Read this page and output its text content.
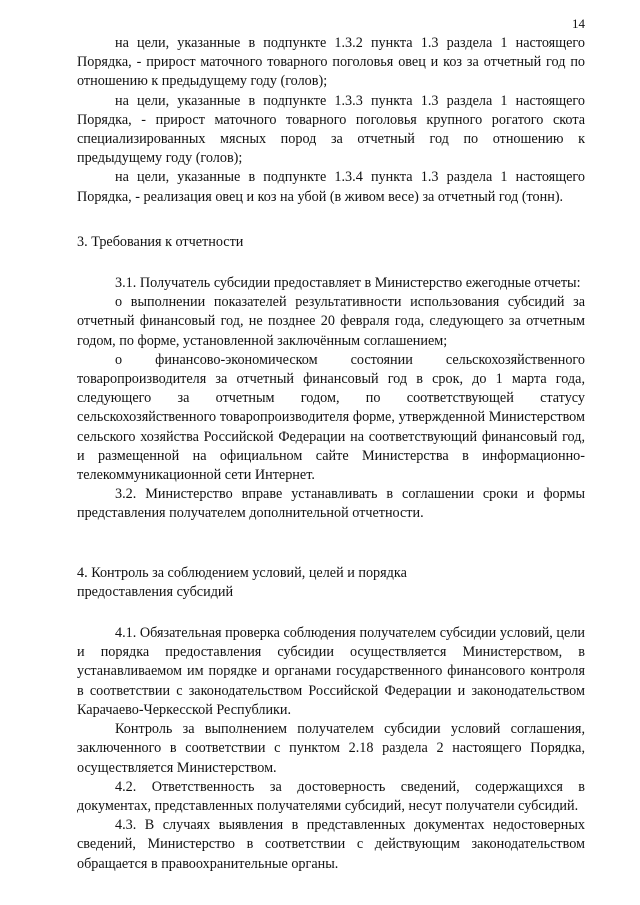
14

на цели, указанные в подпункте 1.3.2 пункта 1.3 раздела 1 настоящего Порядка, - прирост маточного товарного поголовья овец и коз за отчетный год по отношению к предыдущему году (голов);

на цели, указанные в подпункте 1.3.3 пункта 1.3 раздела 1 настоящего Порядка, - прирост маточного товарного поголовья крупного рогатого скота специализированных мясных пород за отчетный год по отношению к предыдущему году (голов);

на цели, указанные в подпункте 1.3.4 пункта 1.3 раздела 1 настоящего Порядка, - реализация овец и коз на убой (в живом весе) за отчетный год (тонн).

3. Требования к отчетности

3.1. Получатель субсидии предоставляет в Министерство ежегодные отчеты:

о выполнении показателей результативности использования субсидий за отчетный финансовый год, не позднее 20 февраля года, следующего за отчетным годом, по форме, установленной заключённым соглашением;

о финансово-экономическом состоянии сельскохозяйственного товаропроизводителя за отчетный финансовый год в срок, до 1 марта года, следующего за отчетным годом, по соответствующей статусу сельскохозяйственного товаропроизводителя форме, утвержденной Министерством сельского хозяйства Российской Федерации на соответствующий финансовый год, и размещенной на официальном сайте Министерства в информационно-телекоммуникационной сети Интернет.

3.2. Министерство вправе устанавливать в соглашении сроки и формы представления получателем дополнительной отчетности.

4. Контроль за соблюдением условий, целей и порядка
предоставления субсидий

4.1. Обязательная проверка соблюдения получателем субсидии условий, цели и порядка предоставления субсидии осуществляется Министерством, в устанавливаемом им порядке и органами государственного финансового контроля в соответствии с законодательством Российской Федерации и законодательством Карачаево-Черкесской Республики.

Контроль за выполнением получателем субсидии условий соглашения, заключенного в соответствии с пунктом 2.18 раздела 2 настоящего Порядка, осуществляется Министерством.

4.2. Ответственность за достоверность сведений, содержащихся в документах, представленных получателями субсидий, несут получатели субсидий.

4.3. В случаях выявления в представленных документах недостоверных сведений, Министерство в соответствии с действующим законодательством обращается в правоохранительные органы.
